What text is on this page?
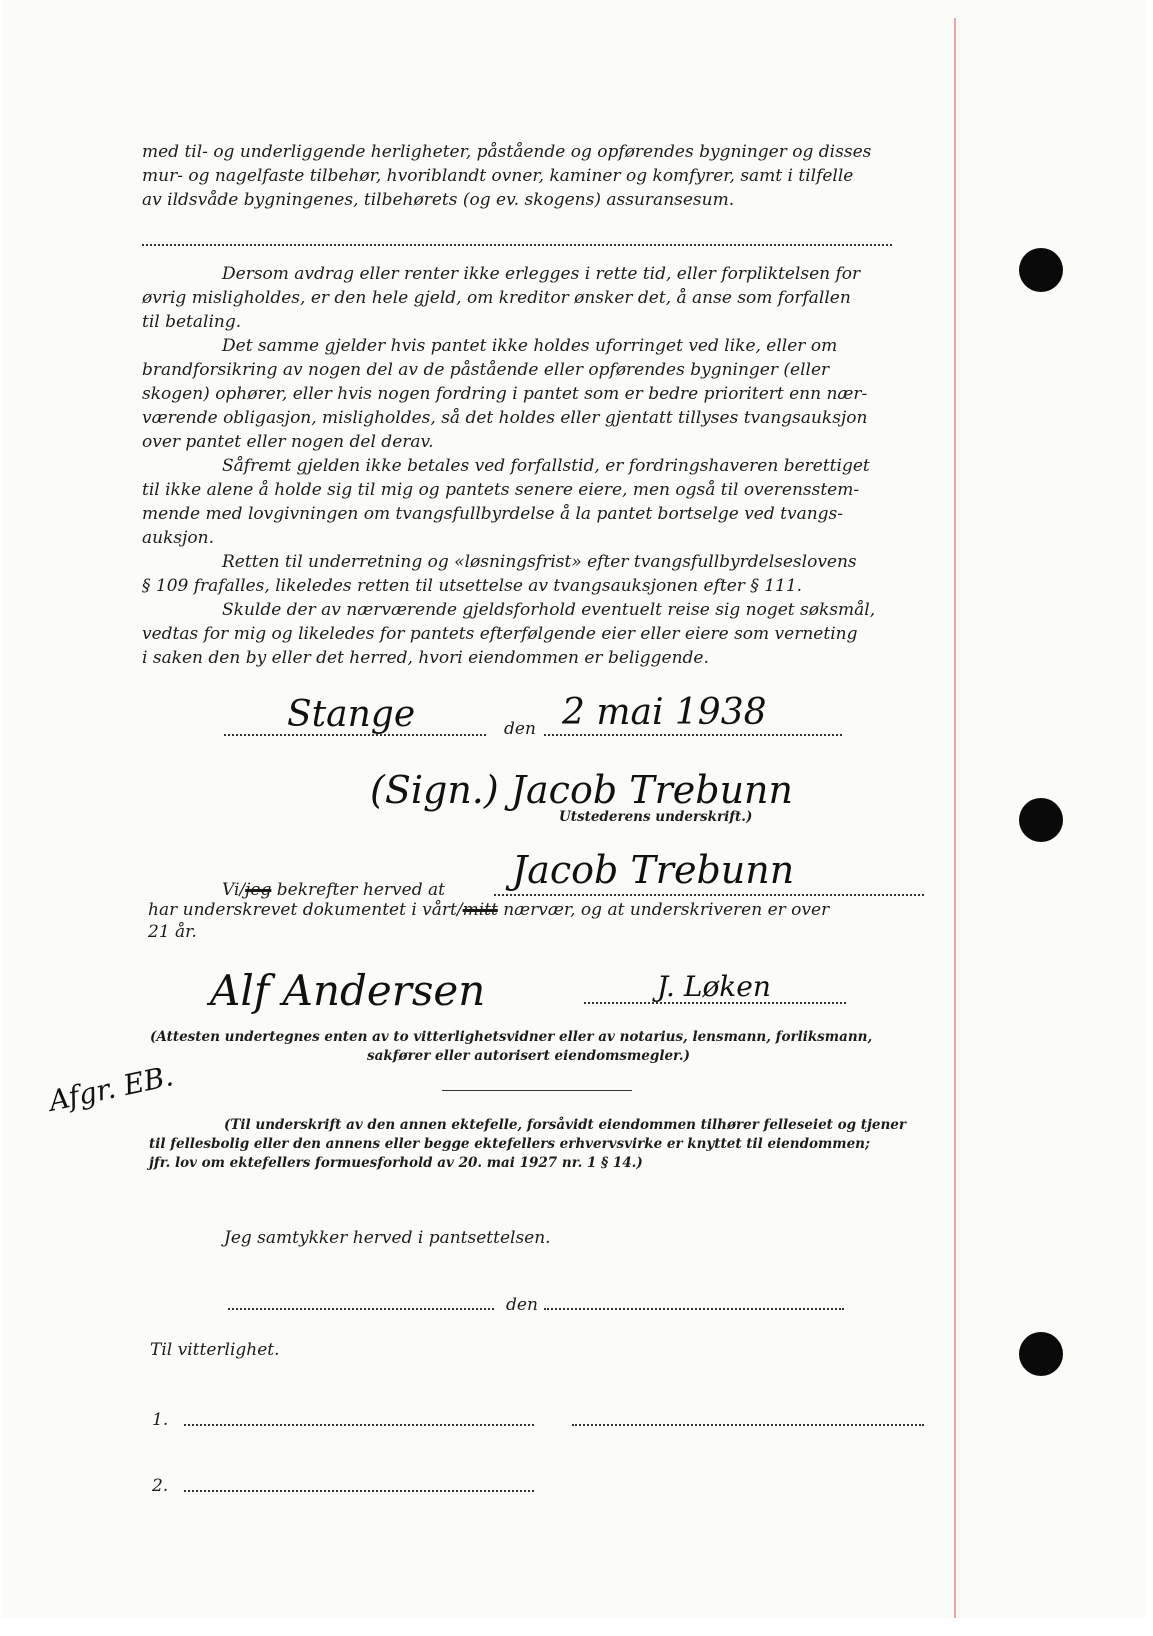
med til- og underliggende herligheter, påstående og opførendes bygninger og disses
mur- og nagelfaste tilbehør, hvoriblandt ovner, kaminer og komfyrer, samt i tilfelle
av ildsvåde bygningenes, tilbehørets (og ev. skogens) assuransesum.
Dersom avdrag eller renter ikke erlegges i rette tid, eller forpliktelsen for
øvrig misligholdes, er den hele gjeld, om kreditor ønsker det, å anse som forfallen
til betaling.
Det samme gjelder hvis pantet ikke holdes uforringet ved like, eller om
brandforsikring av nogen del av de påstående eller opførendes bygninger (eller
skogen) ophører, eller hvis nogen fordring i pantet som er bedre prioritert enn nær-
værende obligasjon, misligholdes, så det holdes eller gjentatt tillyses tvangsauksjon
over pantet eller nogen del derav.
Såfremt gjelden ikke betales ved forfallstid, er fordringshaveren berettiget
til ikke alene å holde sig til mig og pantets senere eiere, men også til overensstem-
mende med lovgivningen om tvangsfullbyrdelse å la pantet bortselge ved tvangs-
auksjon.
Retten til underretning og «løsningsfrist» efter tvangsfullbyrdelseslovens
§ 109 frafalles, likeledes retten til utsettelse av tvangsauksjonen efter § 111.
Skulde der av nærværende gjeldsforhold eventuelt reise sig noget søksmål,
vedtas for mig og likeledes for pantets efterfølgende eier eller eiere som verneting
i saken den by eller det herred, hvori eiendommen er beliggende.
Stange	den 2 mai 1938
(Sign.) Jacob Trebunn
Utstederens underskrift.)
Vi/jeg bekrefter herved at Jacob Trebunn
har underskrevet dokumentet i vårt/mitt nærvær, og at underskriveren er over
21 år.
Alf Andersen	J. Løken
(Attesten undertegnes enten av to vitterlighetsvidner eller av notarius, lensmann, forliksmann,
sakfører eller autorisert eiendomsmegler.)
Afgr. EB.
(Til underskrift av den annen ektefelle, forsåvidt eiendommen tilhører felleseiet og tjener
til fellesbolig eller den annens eller begge ektefellers erhvervsvirke er knyttet til eiendommen;
jfr. lov om ektefellers formuesforhold av 20. mai 1927 nr. 1 § 14.)
Jeg samtykker herved i pantsettelsen.
den
Til vitterlighet.
1.
2.
